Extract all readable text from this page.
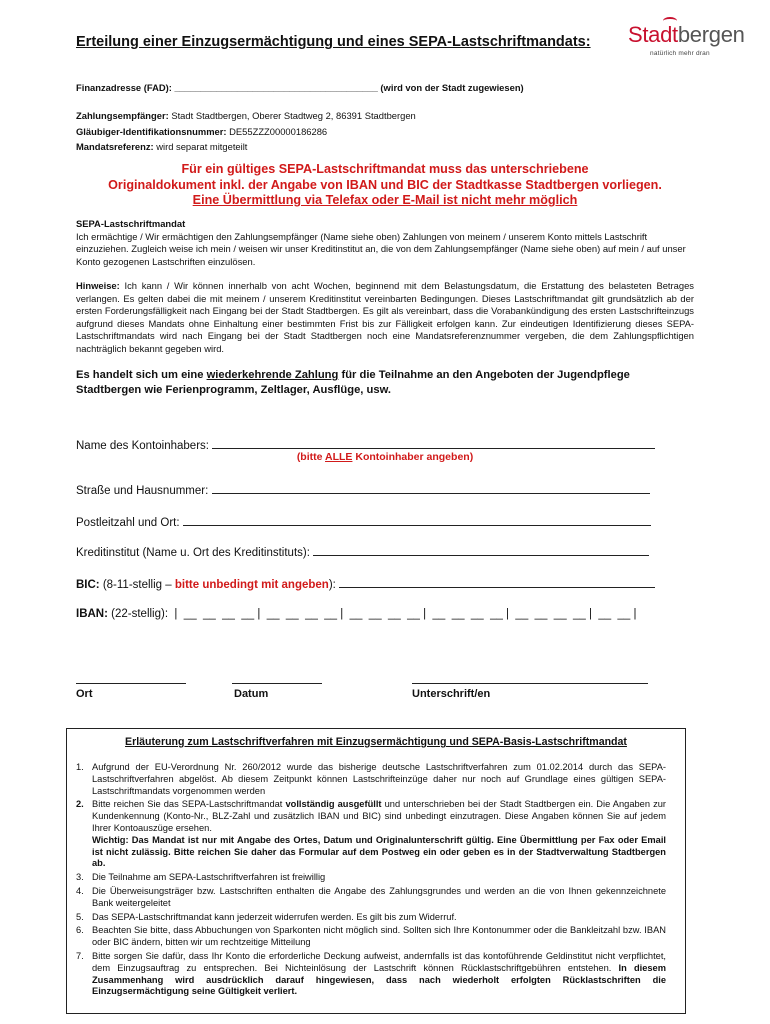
Erteilung einer Einzugsermächtigung und eines SEPA-Lastschriftmandats: Stadtbergen
natürlich mehr dran
Finanzadresse (FAD): _______________________________________ (wird von der Stadt zugewiesen)
Zahlungsempfänger: Stadt Stadtbergen, Oberer Stadtweg 2, 86391 Stadtbergen
Gläubiger-Identifikationsnummer: DE55ZZZ00000186286
Mandatsreferenz: wird separat mitgeteilt
Für ein gültiges SEPA-Lastschriftmandat muss das unterschriebene
Originaldokument inkl. der Angabe von IBAN und BIC der Stadtkasse Stadtbergen vorliegen.
Eine Übermittlung via Telefax oder E-Mail ist nicht mehr möglich
SEPA-Lastschriftmandat
Ich ermächtige / Wir ermächtigen den Zahlungsempfänger (Name siehe oben) Zahlungen von meinem / unserem Konto mittels Lastschrift einzuziehen. Zugleich weise ich mein / weisen wir unser Kreditinstitut an, die von dem Zahlungsempfänger (Name siehe oben) auf mein / auf unser Konto gezogenen Lastschriften einzulösen.
Hinweise: Ich kann / Wir können innerhalb von acht Wochen, beginnend mit dem Belastungsdatum, die Erstattung des belasteten Betrages verlangen. Es gelten dabei die mit meinem / unserem Kreditinstitut vereinbarten Bedingungen. Dieses Lastschriftmandat gilt grundsätzlich ab der ersten Forderungsfälligkeit nach Eingang bei der Stadt Stadtbergen. Es gilt als vereinbart, dass die Vorabankündigung des ersten Lastschrifteinzugs aufgrund dieses Mandats ohne Einhaltung einer bestimmten Frist bis zur Fälligkeit erfolgen kann. Zur eindeutigen Identifizierung dieses SEPA-Lastschriftmandats wird nach Eingang bei der Stadt Stadtbergen noch eine Mandatsreferenznummer vergeben, die dem Zahlungspflichtigen nachträglich bekannt gegeben wird.
Es handelt sich um eine wiederkehrende Zahlung für die Teilnahme an den Angeboten der Jugendpflege Stadtbergen wie Ferienprogramm, Zeltlager, Ausflüge, usw.
Name des Kontoinhabers:
(bitte ALLE Kontoinhaber angeben)
Straße und Hausnummer:
Postleitzahl und Ort:
Kreditinstitut (Name u. Ort des Kreditinstituts):
BIC: (8-11-stellig – bitte unbedingt mit angeben):
IBAN: (22-stellig): |  __  __  __  __ |  __  __  __  __ |  __  __  __  __ |  __  __  __  __ |  __  __  __  __ |  __  __ |
Ort	Datum	Unterschrift/en
Erläuterung zum Lastschriftverfahren mit Einzugsermächtigung und SEPA-Basis-Lastschriftmandat
1. Aufgrund der EU-Verordnung Nr. 260/2012 wurde das bisherige deutsche Lastschriftverfahren zum 01.02.2014 durch das SEPA-Lastschriftverfahren abgelöst. Ab diesem Zeitpunkt können Lastschrifteinzüge daher nur noch auf Grundlage eines gültigen SEPA-Lastschriftmandats vorgenommen werden
2. Bitte reichen Sie das SEPA-Lastschriftmandat vollständig ausgefüllt und unterschrieben bei der Stadt Stadtbergen ein. Die Angaben zur Kundenkennung (Konto-Nr., BLZ-Zahl und zusätzlich IBAN und BIC) sind unbedingt einzutragen. Diese Angaben können Sie auf jedem Ihrer Kontoauszüge ersehen.
Wichtig: Das Mandat ist nur mit Angabe des Ortes, Datum und Originalunterschrift gültig. Eine Übermittlung per Fax oder Email ist nicht zulässig. Bitte reichen Sie daher das Formular auf dem Postweg ein oder geben es in der Stadtverwaltung Stadtbergen ab.
3. Die Teilnahme am SEPA-Lastschriftverfahren ist freiwillig
4. Die Überweisungsträger bzw. Lastschriften enthalten die Angabe des Zahlungsgrundes und werden an die von Ihnen gekennzeichnete Bank weitergeleitet
5. Das SEPA-Lastschriftmandat kann jederzeit widerrufen werden. Es gilt bis zum Widerruf.
6. Beachten Sie bitte, dass Abbuchungen von Sparkonten nicht möglich sind. Sollten sich Ihre Kontonummer oder die Bankleitzahl bzw. IBAN oder BIC ändern, bitten wir um rechtzeitige Mitteilung
7. Bitte sorgen Sie dafür, dass Ihr Konto die erforderliche Deckung aufweist, andernfalls ist das kontoführende Geldinstitut nicht verpflichtet, dem Einzugsauftrag zu entsprechen. Bei Nichteinlösung der Lastschrift können Rücklastschriftgebühren entstehen. In diesem Zusammenhang wird ausdrücklich darauf hingewiesen, dass nach wiederholt erfolgten Rücklastschriften die Einzugsermächtigung seine Gültigkeit verliert.
